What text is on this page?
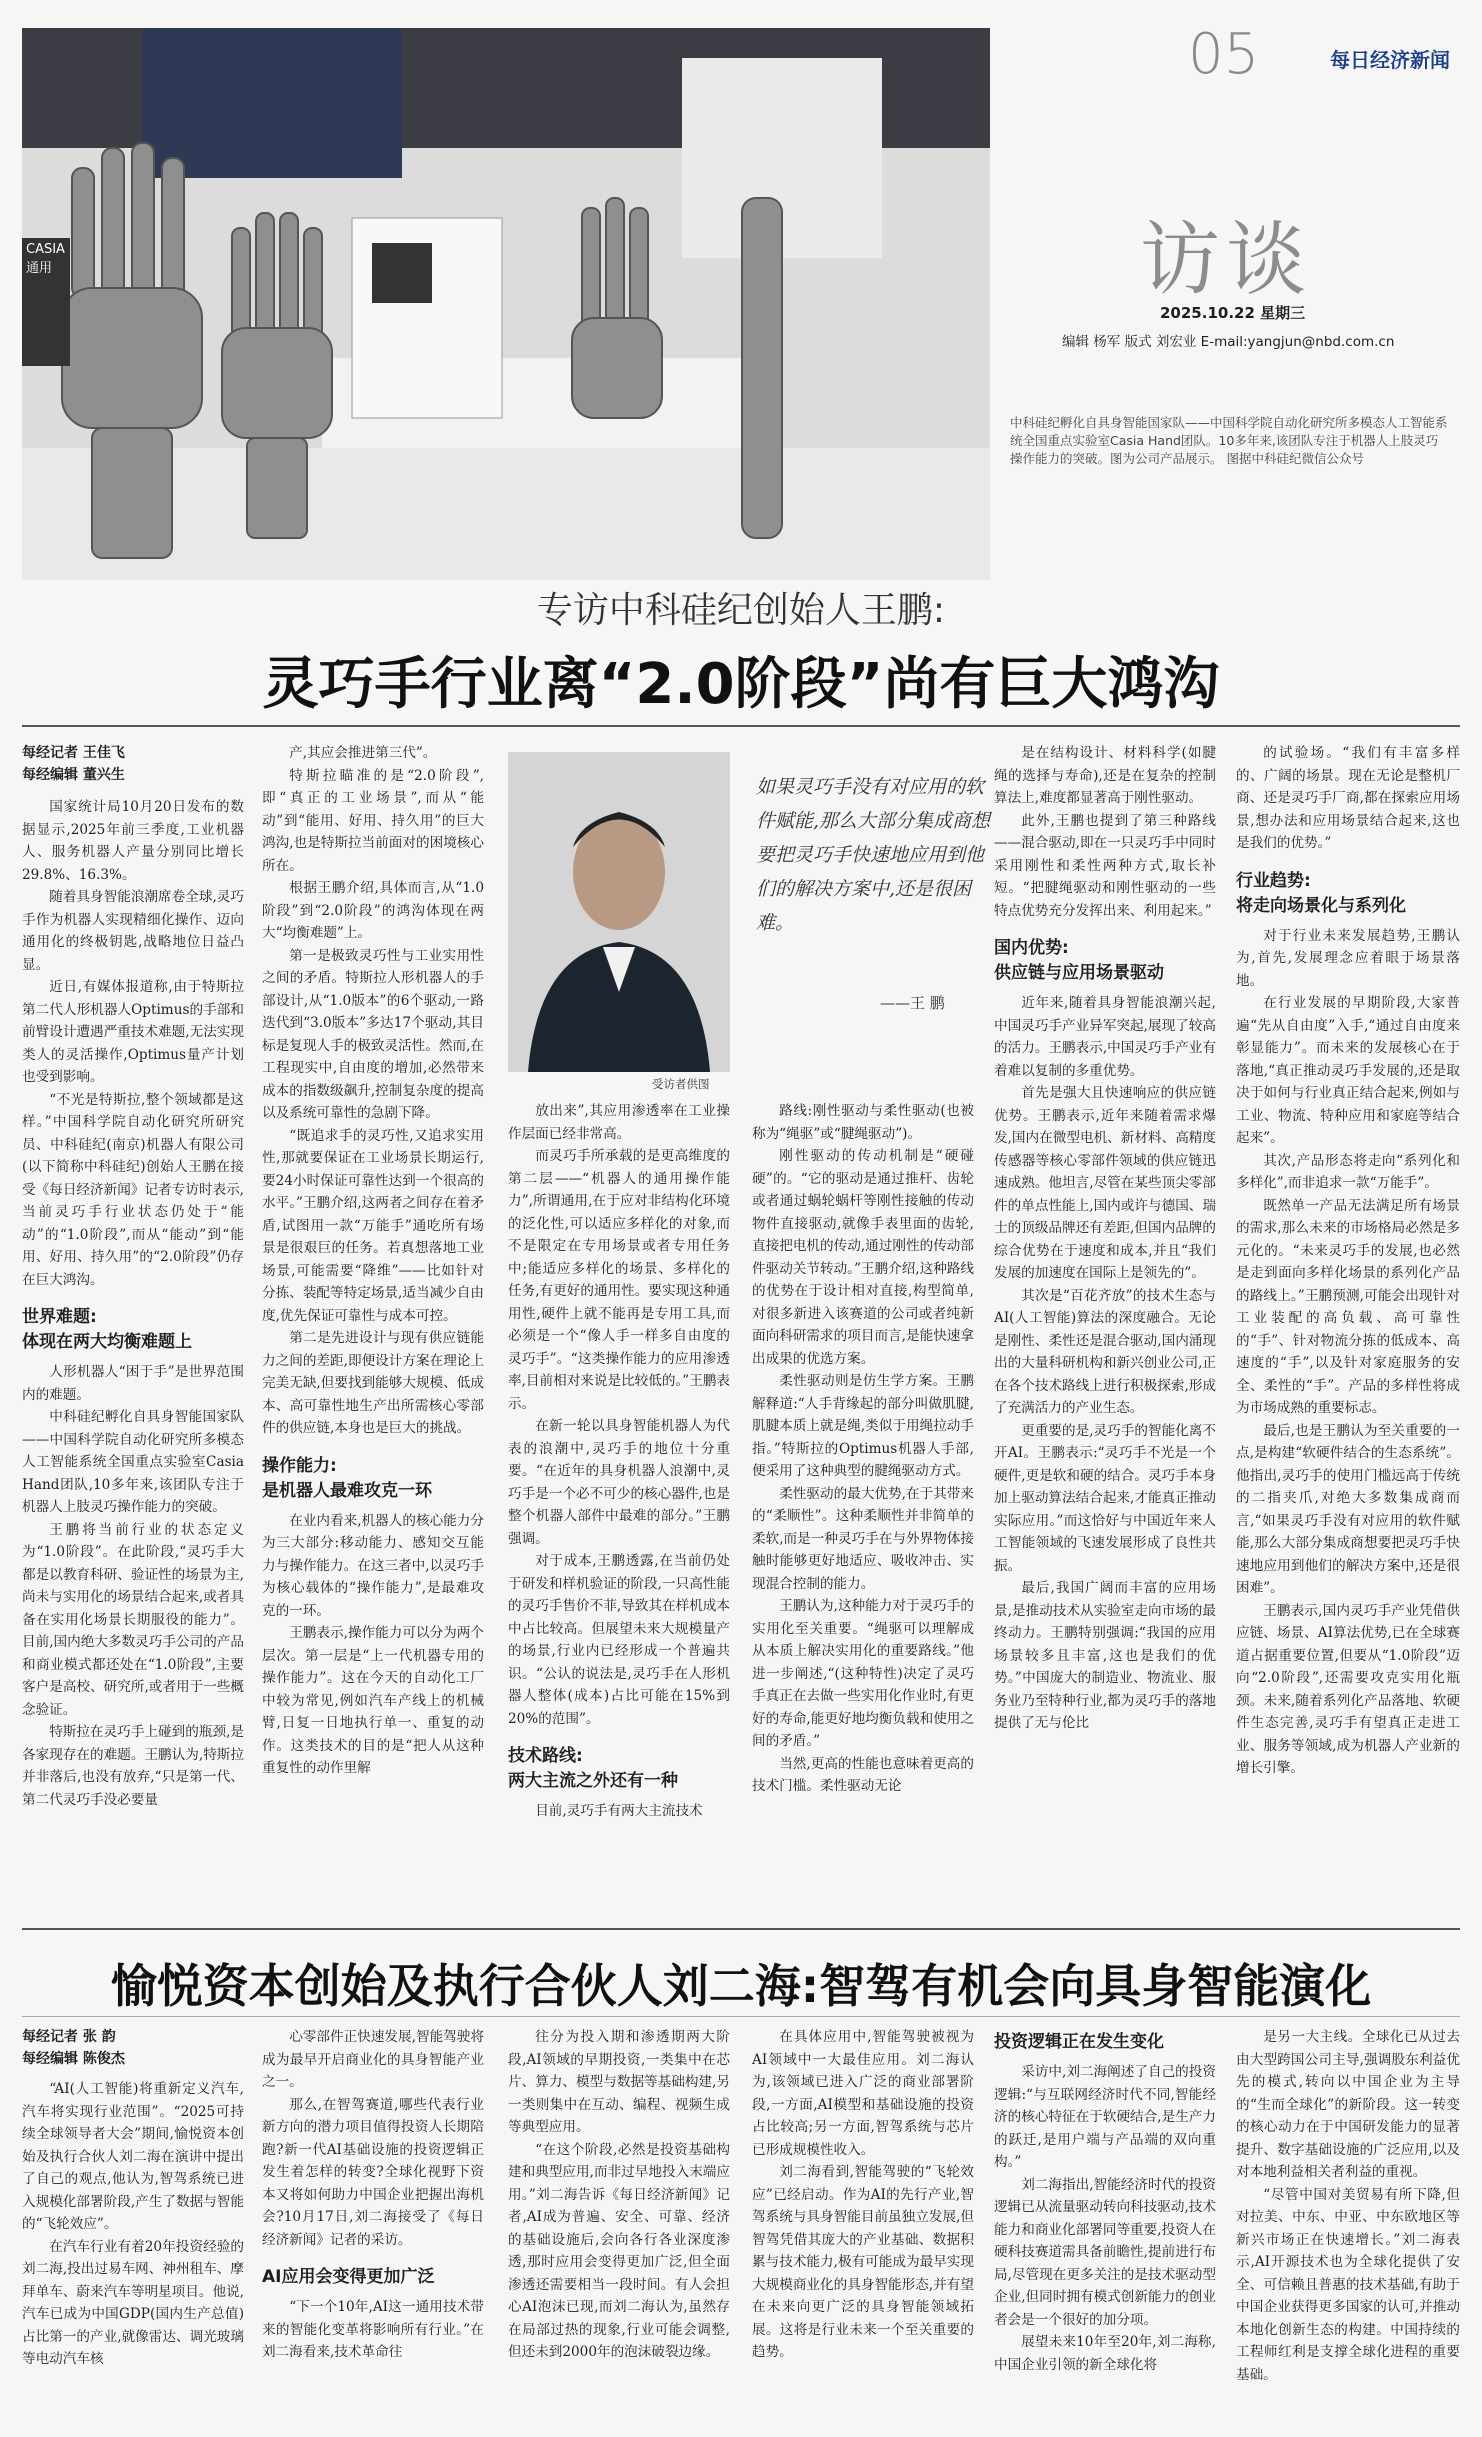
CASIA
通用
05	每日经济新闻
访谈
2025.10.22 星期三
编辑 杨军 版式 刘宏业 E-mail:yangjun@nbd.com.cn
中科硅纪孵化自具身智能国家队——中国科学院自动化研究所多模态人工智能系统全国重点实验室Casia Hand团队。10多年来,该团队专注于机器人上肢灵巧操作能力的突破。图为公司产品展示。 图据中科硅纪微信公众号
专访中科硅纪创始人王鹏:
灵巧手行业离“2.0阶段”尚有巨大鸿沟
受访者供图
如果灵巧手没有对应用的软件赋能,那么大部分集成商想要把灵巧手快速地应用到他们的解决方案中,还是很困难。
——王 鹏
每经记者 王佳飞
每经编辑 董兴生

国家统计局10月20日发布的数据显示,2025年前三季度,工业机器人、服务机器人产量分别同比增长29.8%、16.3%。

随着具身智能浪潮席卷全球,灵巧手作为机器人实现精细化操作、迈向通用化的终极钥匙,战略地位日益凸显。

近日,有媒体报道称,由于特斯拉第二代人形机器人Optimus的手部和前臂设计遭遇严重技术难题,无法实现类人的灵活操作,Optimus量产计划也受到影响。

“不光是特斯拉,整个领域都是这样。”中国科学院自动化研究所研究员、中科硅纪(南京)机器人有限公司(以下简称中科硅纪)创始人王鹏在接受《每日经济新闻》记者专访时表示,当前灵巧手行业状态仍处于“能动”的“1.0阶段”,而从“能动”到“能用、好用、持久用”的“2.0阶段”仍存在巨大鸿沟。

世界难题:
体现在两大均衡难题上

人形机器人“困于手”是世界范围内的难题。

中科硅纪孵化自具身智能国家队——中国科学院自动化研究所多模态人工智能系统全国重点实验室Casia Hand团队,10多年来,该团队专注于机器人上肢灵巧操作能力的突破。

王鹏将当前行业的状态定义为“1.0阶段”。在此阶段,“灵巧手大都是以教育科研、验证性的场景为主,尚未与实用化的场景结合起来,或者具备在实用化场景长期服役的能力”。目前,国内绝大多数灵巧手公司的产品和商业模式都还处在“1.0阶段”,主要客户是高校、研究所,或者用于一些概念验证。

特斯拉在灵巧手上碰到的瓶颈,是各家现存在的难题。王鹏认为,特斯拉并非落后,也没有放弃,“只是第一代、第二代灵巧手没必要量

产,其应会推进第三代”。

特斯拉瞄准的是“2.0阶段”,即“真正的工业场景”,而从“能动”到“能用、好用、持久用”的巨大鸿沟,也是特斯拉当前面对的困境核心所在。

根据王鹏介绍,具体而言,从“1.0阶段”到“2.0阶段”的鸿沟体现在两大“均衡难题”上。

第一是极致灵巧性与工业实用性之间的矛盾。特斯拉人形机器人的手部设计,从“1.0版本”的6个驱动,一路迭代到“3.0版本”多达17个驱动,其目标是复现人手的极致灵活性。然而,在工程现实中,自由度的增加,必然带来成本的指数级飙升,控制复杂度的提高以及系统可靠性的急剧下降。

“既追求手的灵巧性,又追求实用性,那就要保证在工业场景长期运行,要24小时保证可靠性达到一个很高的水平。”王鹏介绍,这两者之间存在着矛盾,试图用一款“万能手”通吃所有场景是很艰巨的任务。若真想落地工业场景,可能需要“降维”——比如针对分拣、装配等特定场景,适当减少自由度,优先保证可靠性与成本可控。

第二是先进设计与现有供应链能力之间的差距,即便设计方案在理论上完美无缺,但要找到能够大规模、低成本、高可靠性地生产出所需核心零部件的供应链,本身也是巨大的挑战。

操作能力:
是机器人最难攻克一环

在业内看来,机器人的核心能力分为三大部分:移动能力、感知交互能力与操作能力。在这三者中,以灵巧手为核心载体的“操作能力”,是最难攻克的一环。

王鹏表示,操作能力可以分为两个层次。第一层是“上一代机器专用的操作能力”。这在今天的自动化工厂中较为常见,例如汽车产线上的机械臂,日复一日地执行单一、重复的动作。这类技术的目的是“把人从这种重复性的动作里解

放出来”,其应用渗透率在工业操作层面已经非常高。

而灵巧手所承载的是更高维度的第二层——“机器人的通用操作能力”,所谓通用,在于应对非结构化环境的泛化性,可以适应多样化的对象,而不是限定在专用场景或者专用任务中;能适应多样化的场景、多样化的任务,有更好的通用性。要实现这种通用性,硬件上就不能再是专用工具,而必须是一个“像人手一样多自由度的灵巧手”。“这类操作能力的应用渗透率,目前相对来说是比较低的。”王鹏表示。

在新一轮以具身智能机器人为代表的浪潮中,灵巧手的地位十分重要。“在近年的具身机器人浪潮中,灵巧手是一个必不可少的核心器件,也是整个机器人部件中最难的部分。”王鹏强调。

对于成本,王鹏透露,在当前仍处于研发和样机验证的阶段,一只高性能的灵巧手售价不菲,导致其在样机成本中占比较高。但展望未来大规模量产的场景,行业内已经形成一个普遍共识。“公认的说法是,灵巧手在人形机器人整体(成本)占比可能在15%到20%的范围”。

技术路线:
两大主流之外还有一种

目前,灵巧手有两大主流技术

路线:刚性驱动与柔性驱动(也被称为“绳驱”或“腱绳驱动”)。

刚性驱动的传动机制是“硬碰硬”的。“它的驱动是通过推杆、齿轮或者通过蜗轮蜗杆等刚性接触的传动物件直接驱动,就像手表里面的齿轮,直接把电机的传动,通过刚性的传动部件驱动关节转动。”王鹏介绍,这种路线的优势在于设计相对直接,构型简单,对很多新进入该赛道的公司或者纯新面向科研需求的项目而言,是能快速拿出成果的优选方案。

柔性驱动则是仿生学方案。王鹏解释道:“人手背缘起的部分叫做肌腱,肌腱本质上就是绳,类似于用绳拉动手指。”特斯拉的Optimus机器人手部,便采用了这种典型的腱绳驱动方式。

柔性驱动的最大优势,在于其带来的“柔顺性”。这种柔顺性并非简单的柔软,而是一种灵巧手在与外界物体接触时能够更好地适应、吸收冲击、实现混合控制的能力。

王鹏认为,这种能力对于灵巧手的实用化至关重要。“绳驱可以理解成从本质上解决实用化的重要路线。”他进一步阐述,“(这种特性)决定了灵巧手真正在去做一些实用化作业时,有更好的寿命,能更好地均衡负载和使用之间的矛盾。”

当然,更高的性能也意味着更高的技术门槛。柔性驱动无论

是在结构设计、材料科学(如腱绳的选择与寿命),还是在复杂的控制算法上,难度都显著高于刚性驱动。

此外,王鹏也提到了第三种路线——混合驱动,即在一只灵巧手中同时采用刚性和柔性两种方式,取长补短。“把腱绳驱动和刚性驱动的一些特点优势充分发挥出来、利用起来。”

国内优势:
供应链与应用场景驱动

近年来,随着具身智能浪潮兴起,中国灵巧手产业异军突起,展现了较高的活力。王鹏表示,中国灵巧手产业有着难以复制的多重优势。

首先是强大且快速响应的供应链优势。王鹏表示,近年来随着需求爆发,国内在微型电机、新材料、高精度传感器等核心零部件领域的供应链迅速成熟。他坦言,尽管在某些顶尖零部件的单点性能上,国内或许与德国、瑞士的顶级品牌还有差距,但国内品牌的综合优势在于速度和成本,并且“我们发展的加速度在国际上是领先的”。

其次是“百花齐放”的技术生态与AI(人工智能)算法的深度融合。无论是刚性、柔性还是混合驱动,国内涌现出的大量科研机构和新兴创业公司,正在各个技术路线上进行积极探索,形成了充满活力的产业生态。

更重要的是,灵巧手的智能化离不开AI。王鹏表示:“灵巧手不光是一个硬件,更是软和硬的结合。灵巧手本身加上驱动算法结合起来,才能真正推动实际应用。”而这恰好与中国近年来人工智能领域的飞速发展形成了良性共振。

最后,我国广阔而丰富的应用场景,是推动技术从实验室走向市场的最终动力。王鹏特别强调:“我国的应用场景较多且丰富,这也是我们的优势。”中国庞大的制造业、物流业、服务业乃至特种行业,都为灵巧手的落地提供了无与伦比

的试验场。“我们有丰富多样的、广阔的场景。现在无论是整机厂商、还是灵巧手厂商,都在探索应用场景,想办法和应用场景结合起来,这也是我们的优势。”

行业趋势:
将走向场景化与系列化

对于行业未来发展趋势,王鹏认为,首先,发展理念应着眼于场景落地。

在行业发展的早期阶段,大家普遍“先从自由度”入手,“通过自由度来彰显能力”。而未来的发展核心在于落地,“真正推动灵巧手发展的,还是取决于如何与行业真正结合起来,例如与工业、物流、特种应用和家庭等结合起来”。

其次,产品形态将走向“系列化和多样化”,而非追求一款“万能手”。

既然单一产品无法满足所有场景的需求,那么未来的市场格局必然是多元化的。“未来灵巧手的发展,也必然是走到面向多样化场景的系列化产品的路线上。”王鹏预测,可能会出现针对工业装配的高负载、高可靠性的“手”、针对物流分拣的低成本、高速度的“手”,以及针对家庭服务的安全、柔性的“手”。产品的多样性将成为市场成熟的重要标志。

最后,也是王鹏认为至关重要的一点,是构建“软硬件结合的生态系统”。他指出,灵巧手的使用门槛远高于传统的二指夹爪,对绝大多数集成商而言,“如果灵巧手没有对应用的软件赋能,那么大部分集成商想要把灵巧手快速地应用到他们的解决方案中,还是很困难”。

王鹏表示,国内灵巧手产业凭借供应链、场景、AI算法优势,已在全球赛道占据重要位置,但要从“1.0阶段”迈向“2.0阶段”,还需要攻克实用化瓶颈。未来,随着系列化产品落地、软硬件生态完善,灵巧手有望真正走进工业、服务等领域,成为机器人产业新的增长引擎。

愉悦资本创始及执行合伙人刘二海:智驾有机会向具身智能演化
每经记者 张 韵
每经编辑 陈俊杰

“AI(人工智能)将重新定义汽车,汽车将实现行业范围”。“2025可持续全球领导者大会”期间,愉悦资本创始及执行合伙人刘二海在演讲中提出了自己的观点,他认为,智驾系统已进入规模化部署阶段,产生了数据与智能的“飞轮效应”。

在汽车行业有着20年投资经验的刘二海,投出过易车网、神州租车、摩拜单车、蔚来汽车等明星项目。他说,汽车已成为中国GDP(国内生产总值)占比第一的产业,就像雷达、调光玻璃等电动汽车核

心零部件正快速发展,智能驾驶将成为最早开启商业化的具身智能产业之一。

那么,在智驾赛道,哪些代表行业新方向的潜力项目值得投资人长期陪跑?新一代AI基础设施的投资逻辑正发生着怎样的转变?全球化视野下资本又将如何助力中国企业把握出海机会?10月17日,刘二海接受了《每日经济新闻》记者的采访。

AI应用会变得更加广泛

“下一个10年,AI这一通用技术带来的智能化变革将影响所有行业。”在刘二海看来,技术革命往

往分为投入期和渗透期两大阶段,AI领域的早期投资,一类集中在芯片、算力、模型与数据等基础构建,另一类则集中在互动、编程、视频生成等典型应用。

“在这个阶段,必然是投资基础构建和典型应用,而非过早地投入末端应用。”刘二海告诉《每日经济新闻》记者,AI成为普遍、安全、可靠、经济的基础设施后,会向各行各业深度渗透,那时应用会变得更加广泛,但全面渗透还需要相当一段时间。有人会担心AI泡沫已现,而刘二海认为,虽然存在局部过热的现象,行业可能会调整,但还未到2000年的泡沫破裂边缘。

在具体应用中,智能驾驶被视为AI领域中一大最佳应用。刘二海认为,该领域已进入广泛的商业部署阶段,一方面,AI模型和基础设施的投资占比较高;另一方面,智驾系统与芯片已形成规模性收入。

刘二海看到,智能驾驶的“飞轮效应”已经启动。作为AI的先行产业,智驾系统与具身智能目前虽独立发展,但智驾凭借其庞大的产业基础、数据积累与技术能力,极有可能成为最早实现大规模商业化的具身智能形态,并有望在未来向更广泛的具身智能领域拓展。这将是行业未来一个至关重要的趋势。

投资逻辑正在发生变化

采访中,刘二海阐述了自己的投资逻辑:“与互联网经济时代不同,智能经济的核心特征在于软硬结合,是生产力的跃迁,是用户端与产品端的双向重构。”

刘二海指出,智能经济时代的投资逻辑已从流量驱动转向科技驱动,技术能力和商业化部署同等重要,投资人在硬科技赛道需具备前瞻性,提前进行布局,尽管现在更多关注的是技术驱动型企业,但同时拥有模式创新能力的创业者会是一个很好的加分项。

展望未来10年至20年,刘二海称,中国企业引领的新全球化将

是另一大主线。全球化已从过去由大型跨国公司主导,强调股东利益优先的模式,转向以中国企业为主导的“生而全球化”的新阶段。这一转变的核心动力在于中国研发能力的显著提升、数字基础设施的广泛应用,以及对本地利益相关者利益的重视。

“尽管中国对美贸易有所下降,但对拉美、中东、中亚、中东欧地区等新兴市场正在快速增长。”刘二海表示,AI开源技术也为全球化提供了安全、可信赖且普惠的技术基础,有助于中国企业获得更多国家的认可,并推动本地化创新生态的构建。中国持续的工程师红利是支撑全球化进程的重要基础。
